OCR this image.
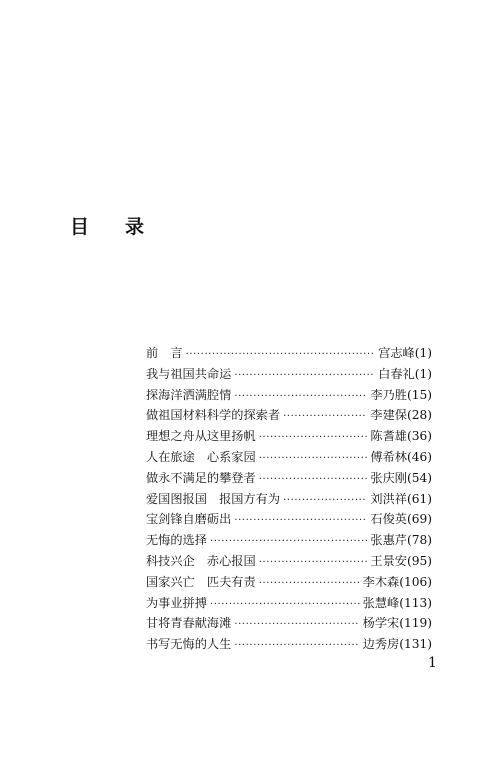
目 录
前　言 ·····	宫志峰 (1)
我与祖国共命运 ·····	白春礼 (1)
探海洋洒满腔情 ·····	李乃胜 (15)
做祖国材料科学的探索者 ·····	李建保 (28)
理想之舟从这里扬帆 ·····	陈耆雄 (36)
人在旅途　心系家园 ·····	傅希林 (46)
做永不满足的攀登者 ·····	张庆刚 (54)
爱国图报国　报国方有为 ·····	刘洪祥 (61)
宝剑锋自磨砺出 ·····	石俊英 (69)
无悔的选择 ·····	张惠芹 (78)
科技兴企　赤心报国 ·····	王景安 (95)
国家兴亡　匹夫有责 ·····	李木森 (106)
为事业拼搏 ·····	张慧峰 (113)
甘将青春献海滩 ·····	杨学宋 (119)
书写无悔的人生 ·····	边秀房 (131)
1
